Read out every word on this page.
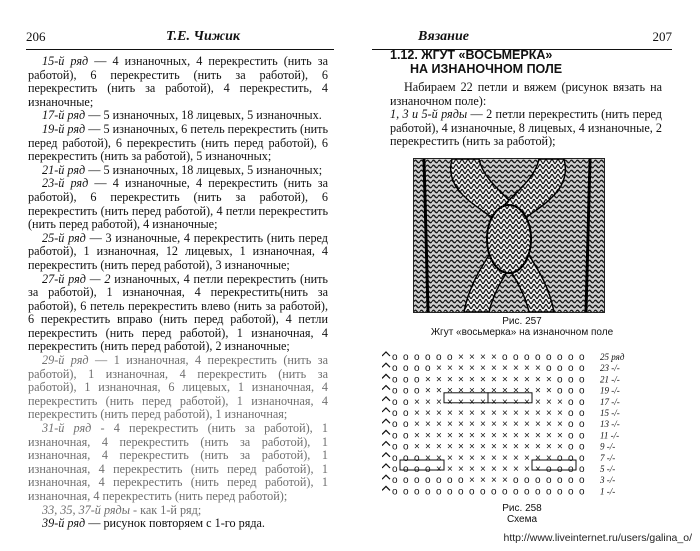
206	Т.Е. Чижик

15-й ряд — 4 изнаночных, 4 перекрестить (нить за работой), 6 перекрестить (нить за работой), 6 перекрестить (нить за работой), 4 перекрестить, 4 изнаночные;

17-й ряд — 5 изнаночных, 18 лицевых, 5 изнаночных.

19-й ряд — 5 изнаночных, 6 петель перекрестить (нить перед работой), 6 перекрестить (нить перед работой), 6 перекрестить (нить за работой), 5 изнаночных;

21-й ряд — 5 изнаночных, 18 лицевых, 5 изнаночных;

23-й ряд — 4 изнаночные, 4 перекрестить (нить за работой), 6 перекрестить (нить за работой), 6 перекрестить (нить перед работой), 4 петли перекрестить (нить перед работой), 4 изнаночные;

25-й ряд — 3 изнаночные, 4 перекрестить (нить перед работой), 1 изнаночная, 12 лицевых, 1 изнаночная, 4 перекрестить (нить перед работой), 3 изнаночные;

27-й ряд — 2 изнаночных, 4 петли перекрестить (нить за работой), 1 изнаночная, 4 перекрестить(нить за работой), 6 петель перекрестить влево (нить за работой), 6 перекрестить вправо (нить перед работой), 4 петли перекрестить (нить перед работой), 1 изнаночная, 4 перекрестить (нить перед работой), 2 изнаночные;

29-й ряд — 1 изнаночная, 4 перекрестить (нить за работой), 1 изнаночная, 4 перекрестить (нить за работой), 1 изнаночная, 6 лицевых, 1 изнаночная, 4 перекрестить (нить перед работой), 1 изнаночная, 4 перекрестить (нить перед работой), 1 изнаночная;

31-й ряд - 4 перекрестить (нить за работой), 1 изнаночная, 4 перекрестить (нить за работой), 1 изнаночная, 4 перекрестить (нить за работой), 1 изнаночная, 4 перекрестить (нить перед работой), 1 изнаночная, 4 перекрестить (нить перед работой), 1 изнаночная, 4 перекрестить (нить перед работой);

33, 35, 37-й ряды - как 1-й ряд;

39-й ряд — рисунок повторяем с 1-го ряда.

Вязание	207
1.12. ЖГУТ «ВОСЬМЕРКА»
НА ИЗНАНОЧНОМ ПОЛЕ
Набираем 22 петли и вяжем (рисунок вязать на изнаночном поле):
1, 3 и 5-й ряды — 2 петли перекрестить (нить перед работой), 4 изнаночные, 8 лицевых, 4 изнаночные, 2 перекрестить (нить за работой);
Рис. 257
Жгут «восьмерка» на изнаночном поле
o o o o o o × × × × o o o o o o o o 25 ряд
o o o o × × × × × × × × × × o o o o 23 -/-
o o o × × × × × × × × × × × × o o o 21 -/-
o o o × × × × × × × × × × × × o o o 19 -/-
o o × × × × × × × × × × × × × × o o 17 -/-
o o × × × × × × × × × × × × × × o o 15 -/-
o o × × × × × × × × × × × × × × o o 13 -/-
o o × × × × × × × × × × × × × × o o 11 -/-
o o × × × × × × × × × × × × × × o o 9 -/-
o o o × × × × × × × × × × × × o o o 7 -/-
o o o o × × × × × × × × × × o o o o 5 -/-
o o o o o o o × × × × o o o o o o o 3 -/-
o o o o o o o o o o o o o o o o o o 1 -/-
Рис. 258
Схема
http://www.liveinternet.ru/users/galina_o/
